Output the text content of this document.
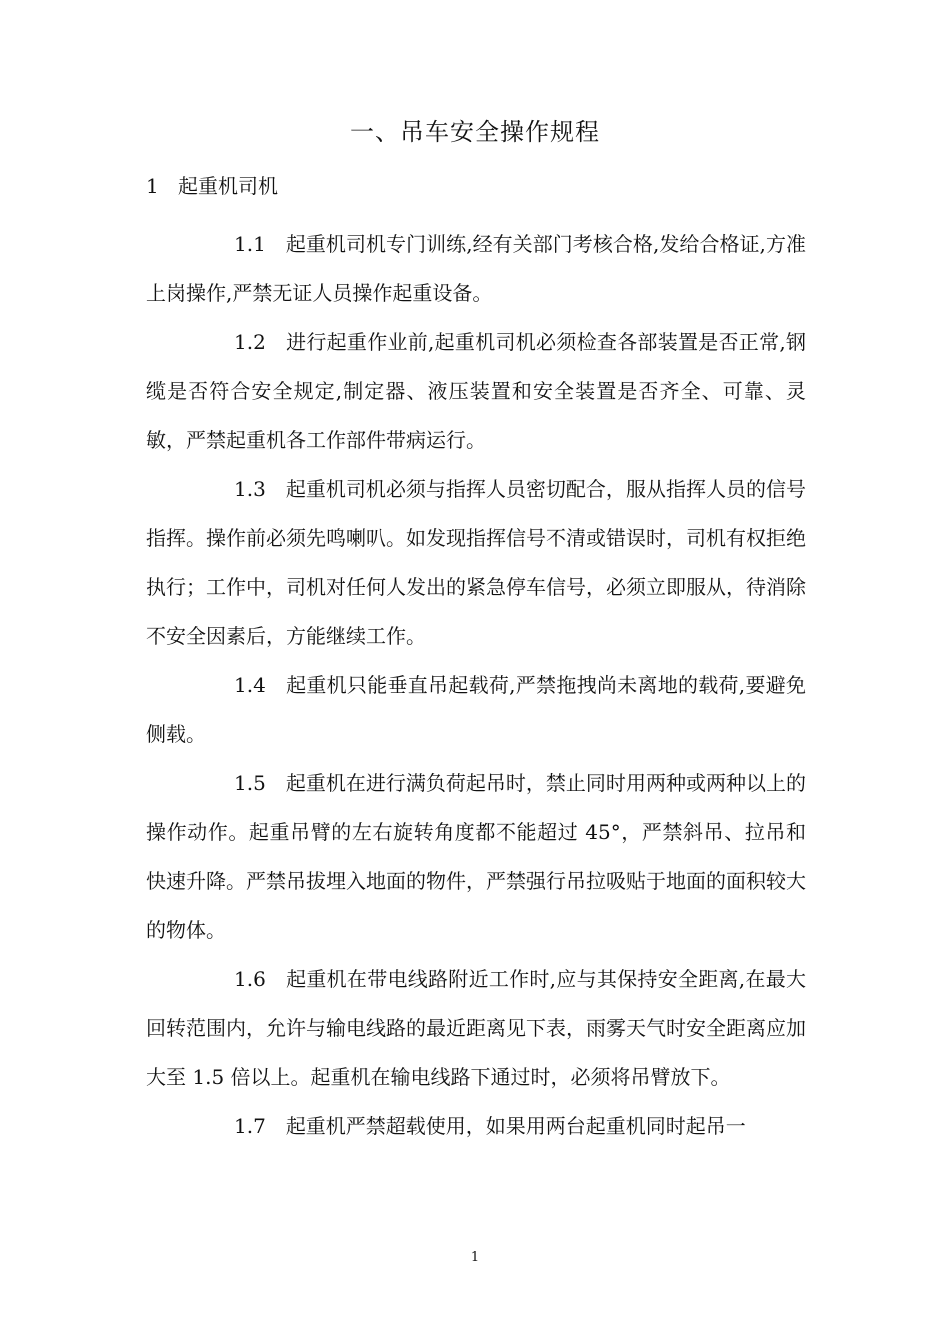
一、吊车安全操作规程
1 起重机司机

1.1 起重机司机专门训练,经有关部门考核合格,发给合格证,方准上岗操作,严禁无证人员操作起重设备。

1.2 进行起重作业前,起重机司机必须检查各部装置是否正常,钢缆是否符合安全规定,制定器、液压装置和安全装置是否齐全、可靠、灵敏，严禁起重机各工作部件带病运行。

1.3 起重机司机必须与指挥人员密切配合，服从指挥人员的信号指挥。操作前必须先鸣喇叭。如发现指挥信号不清或错误时，司机有权拒绝执行；工作中，司机对任何人发出的紧急停车信号，必须立即服从，待消除不安全因素后，方能继续工作。

1.4 起重机只能垂直吊起载荷,严禁拖拽尚未离地的载荷,要避免侧载。

1.5 起重机在进行满负荷起吊时，禁止同时用两种或两种以上的操作动作。起重吊臂的左右旋转角度都不能超过 45°，严禁斜吊、拉吊和快速升降。严禁吊拔埋入地面的物件，严禁强行吊拉吸贴于地面的面积较大的物体。

1.6 起重机在带电线路附近工作时,应与其保持安全距离,在最大回转范围内，允许与输电线路的最近距离见下表，雨雾天气时安全距离应加大至 1.5 倍以上。起重机在输电线路下通过时，必须将吊臂放下。

1.7 起重机严禁超载使用，如果用两台起重机同时起吊一

1
